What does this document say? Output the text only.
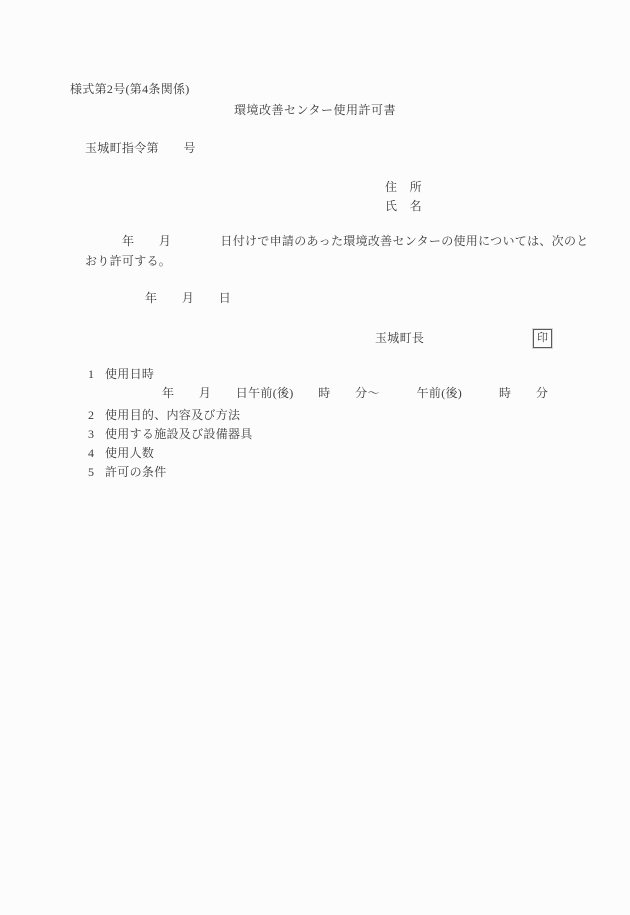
様式第2号(第4条関係)
環境改善センター使用許可書
玉城町指令第　　号
住　所
氏　名
年　　月　　　　日付けで申請のあった環境改善センターの使用については、次のと
おり許可する。
年　　月　　日
玉城町長	印
1 使用日時
年　　月　　日午前(後)　　時　　分～　　　午前(後)　　　時　　分
2 使用目的、内容及び方法
3 使用する施設及び設備器具
4 使用人数
5 許可の条件
